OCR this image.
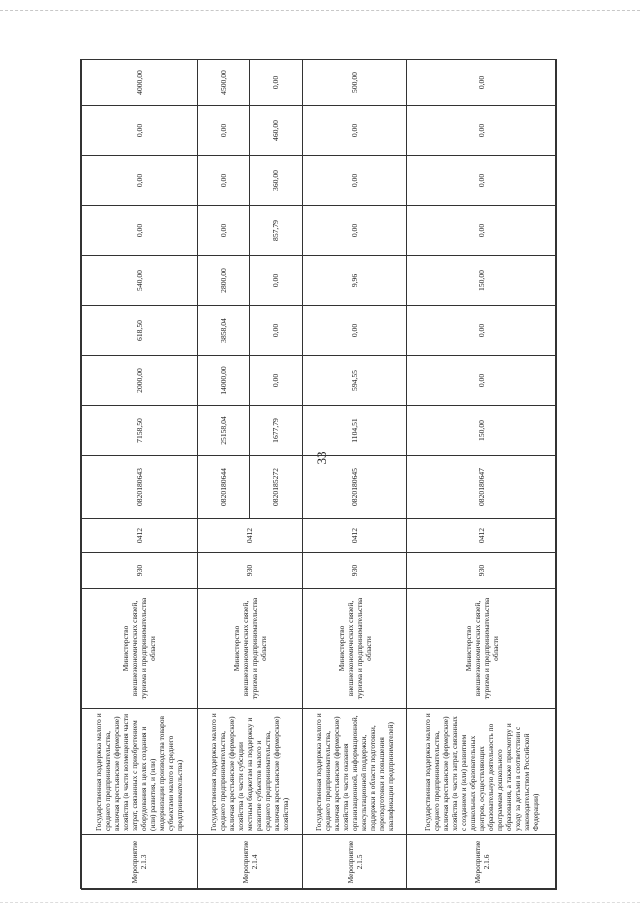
33
Мероприятие 2.1.3	Государственная поддержка малого и среднего предпринимательства, включая крестьянские (фермерские) хозяйства (в части возмещения части затрат, связанных с приобретением оборудования в целях создания и (или) развития, и (или) модернизации производства товаров субъектами малого и среднего предпринимательства)	Министерство внешнеэкономических связей, туризма и предпринимательства области	930	0412	0820180643	7158,50	2000,00	618,50	540,00	0,00	0,00	0,00	4000,00
Мероприятие 2.1.4	Государственная поддержка малого и среднего предпринимательства, включая крестьянские (фермерские) хозяйства (в части субсидии местным бюджетам на поддержку и развитие субъектов малого и среднего предпринимательства, включая крестьянские (фермерские) хозяйства)	Министерство внешнеэкономических связей, туризма и предпринимательства области	930	0412	0820180644	25158,04	14000,00	3858,04	2800,00	0,00	0,00	0,00	4500,00
					0820185272	1677,79	0,00	0,00	0,00	857,79	360,00	460,00	0,00
Мероприятие 2.1.5	Государственная поддержка малого и среднего предпринимательства, включая крестьянские (фермерские) хозяйства (в части оказания организационной, информационной, консультационной поддержки, поддержки в области подготовки, переподготовки и повышения квалификации предпринимателей)	Министерство внешнеэкономических связей, туризма и предпринимательства области	930	0412	0820180645	1104,51	594,55	0,00	9,96	0,00	0,00	0,00	500,00
Мероприятие 2.1.6	Государственная поддержка малого и среднего предпринимательства, включая крестьянские (фермерские) хозяйства (в части затрат, связанных с созданием и (или) развитием дошкольных образовательных центров, осуществляющих образовательную деятельность по программам дошкольного образования, а также присмотру и уходу за детьми в соответствии с законодательством Российской Федерации)	Министерство внешнеэкономических связей, туризма и предпринимательства области	930	0412	0820180647	150,00	0,00	0,00	150,00	0,00	0,00	0,00	0,00
